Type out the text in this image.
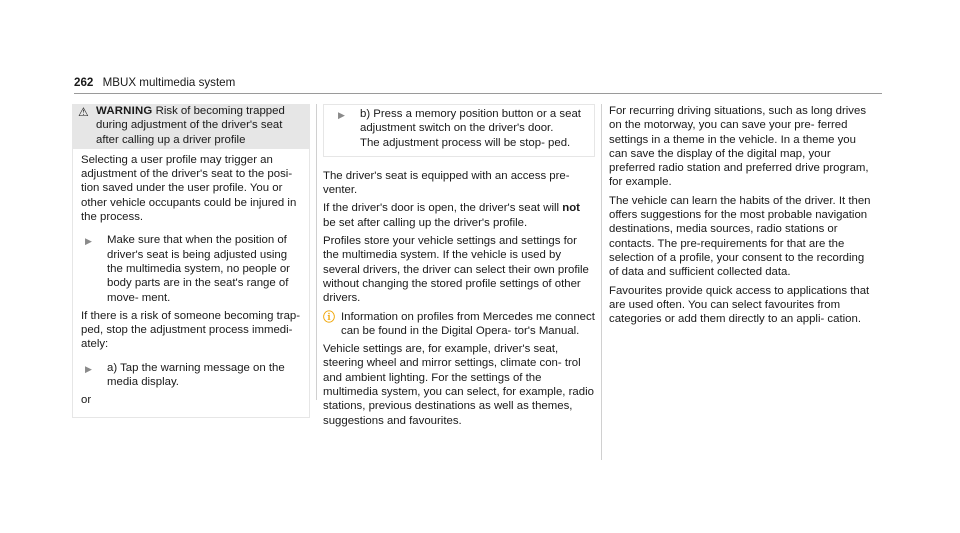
262 MBUX multimedia system
⚠ WARNING Risk of becoming trapped
during adjustment of the driver's seat
after calling up a driver profile

Selecting a user profile may trigger an adjustment of the driver's seat to the posi- tion saved under the user profile. You or other vehicle occupants could be injured in the process.

▶	Make sure that when the position of driver's seat is being adjusted using the multimedia system, no people or body parts are in the seat's range of move- ment.

If there is a risk of someone becoming trap- ped, stop the adjustment process immedi- ately:

▶	a) Tap the warning message on the media display.

or

▶	b) Press a memory position button or a seat adjustment switch on the driver's door.
The adjustment process will be stop- ped.

The driver's seat is equipped with an access pre- venter.

If the driver's door is open, the driver's seat will not be set after calling up the driver's profile.

Profiles store your vehicle settings and settings for the multimedia system. If the vehicle is used by several drivers, the driver can select their own profile without changing the stored profile settings of other drivers.

ⓘ Information on profiles from Mercedes me connect can be found in the Digital Opera- tor's Manual.

Vehicle settings are, for example, driver's seat, steering wheel and mirror settings, climate con- trol and ambient lighting. For the settings of the multimedia system, you can select, for example, radio stations, previous destinations as well as themes, suggestions and favourites.

For recurring driving situations, such as long drives on the motorway, you can save your pre- ferred settings in a theme in the vehicle. In a theme you can save the display of the digital map, your preferred radio station and preferred drive program, for example.

The vehicle can learn the habits of the driver. It then offers suggestions for the most probable navigation destinations, media sources, radio stations or contacts. The pre-requirements for that are the selection of a profile, your consent to the recording of data and sufficient collected data.

Favourites provide quick access to applications that are used often. You can select favourites from categories or add them directly to an appli- cation.
